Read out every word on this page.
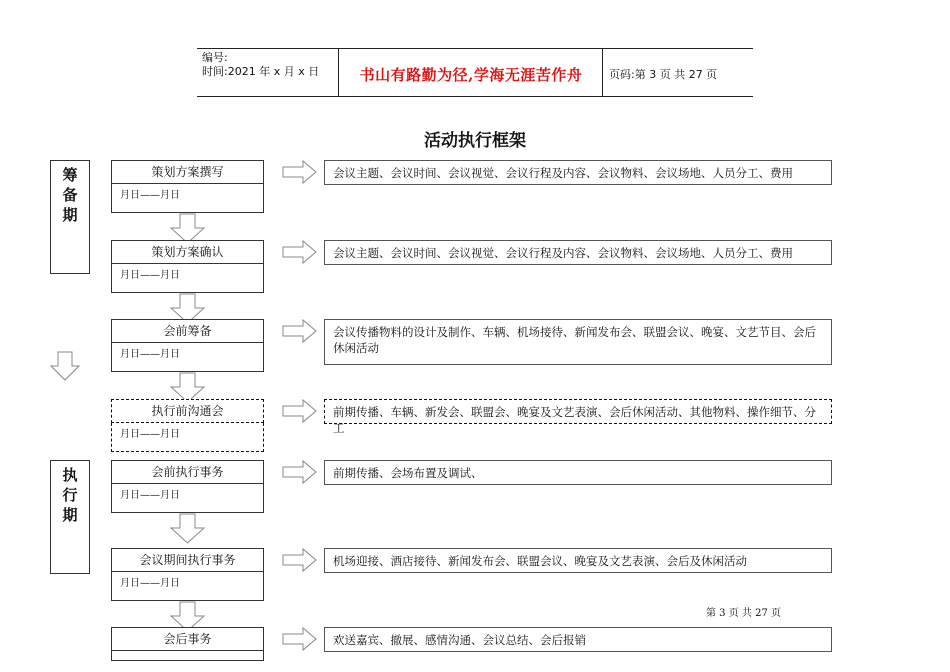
编号:
时间:2021 年 x 月 x 日	书山有路勤为径,学海无涯苦作舟	页码:第 3 页 共 27 页
活动执行框架
筹
备
期
执
行
期
策划方案撰写
月日——月日
会议主题、会议时间、会议视觉、会议行程及内容、会议物料、会议场地、人员分工、费用
策划方案确认
月日——月日
会议主题、会议时间、会议视觉、会议行程及内容、会议物料、会议场地、人员分工、费用
会前筹备
月日——月日
会议传播物料的设计及制作、车辆、机场接待、新闻发布会、联盟会议、晚宴、文艺节目、会后休闲活动
执行前沟通会
月日——月日
前期传播、车辆、新发会、联盟会、晚宴及文艺表演、会后休闲活动、其他物料、操作细节、分工
会前执行事务
月日——月日
前期传播、会场布置及调试、
会议期间执行事务
月日——月日
机场迎接、酒店接待、新闻发布会、联盟会议、晚宴及文艺表演、会后及休闲活动
会后事务	欢送嘉宾、撤展、感情沟通、会议总结、会后报销
第 3 页 共 27 页
